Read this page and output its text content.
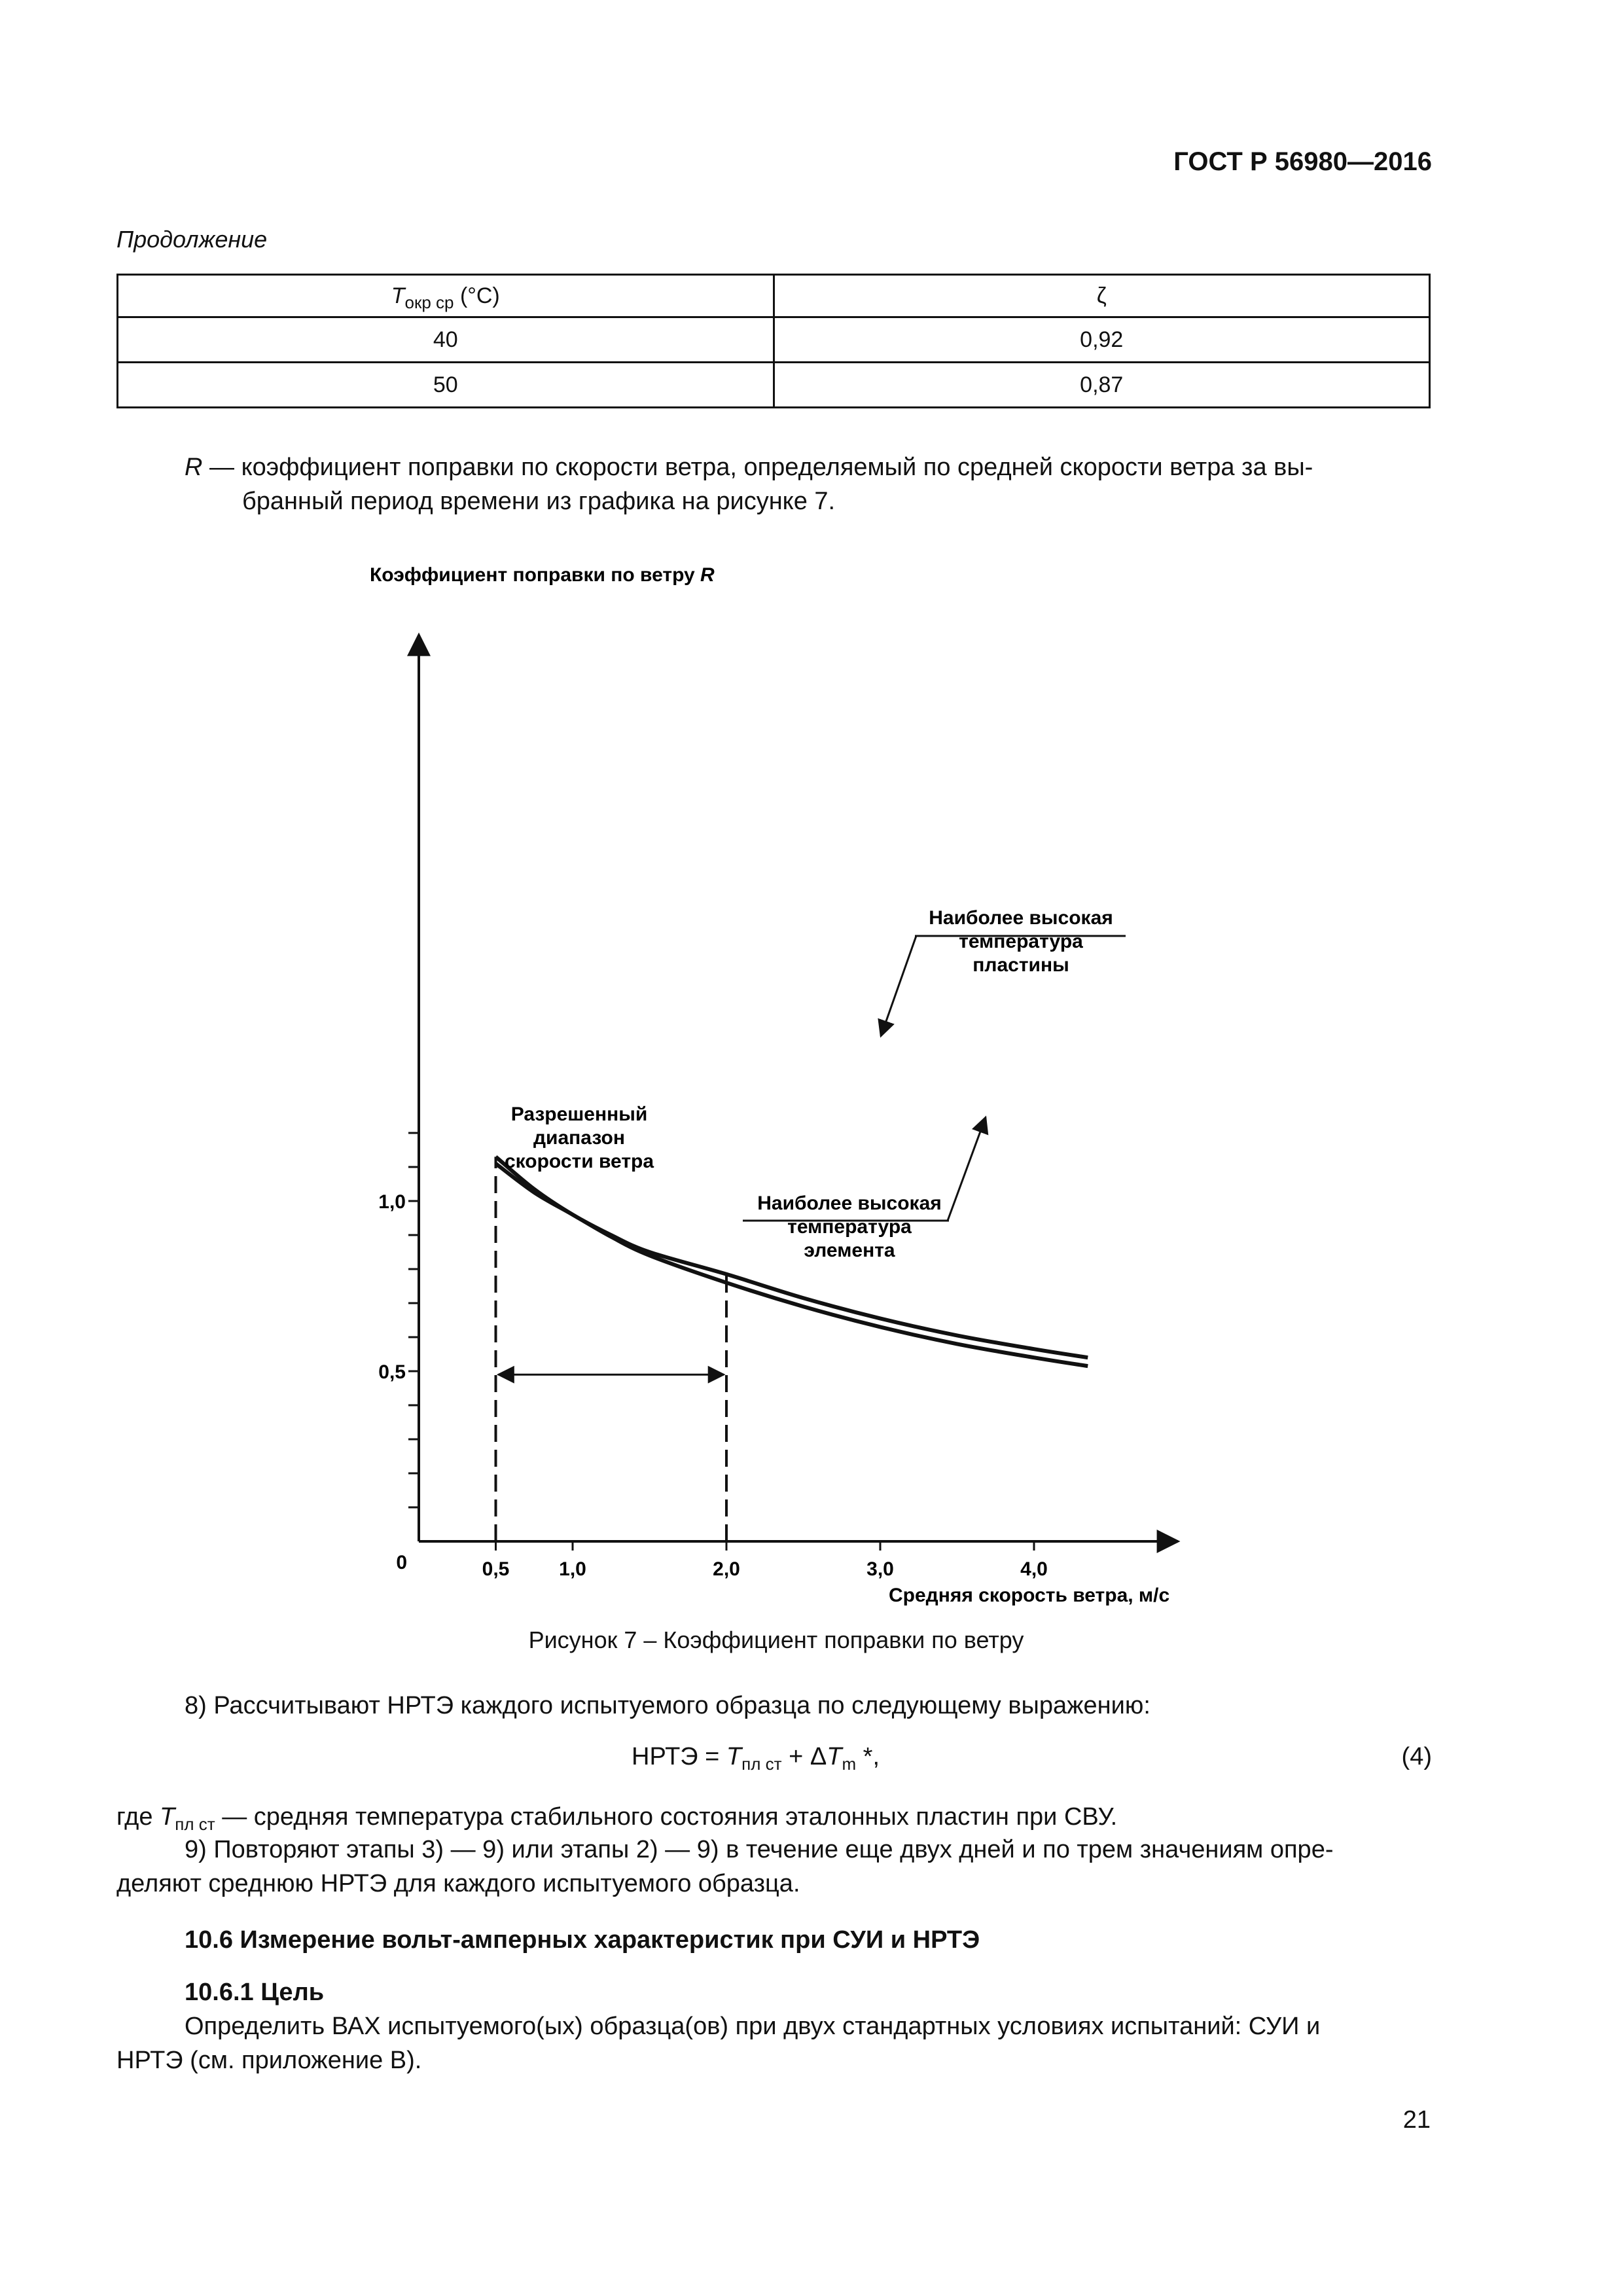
ГОСТ Р 56980—2016
Продолжение
$T_{окр ср}$ (°C)	ζ
40	0,92
50	0,87
R — коэффициент поправки по скорости ветра, определяемый по средней скорости ветра за вы-
бранный период времени из графика на рисунке 7.
Коэффициент поправки по ветру R
0
1,0
0,5
0,5	1,0	2,0	3,0	4,0
Наиболее высокая
температура
пластины
Наиболее высокая
температура
элемента
Разрешенный
диапазон
скорости ветра
Средняя скорость ветра, м/с
Рисунок 7 – Коэффициент поправки по ветру
8) Рассчитывают НРТЭ каждого испытуемого образца по следующему выражению:
НРТЭ = $T_{пл ст} + \Delta T_m$ *,	(4)
где $T_{пл ст}$ — средняя температура стабильного состояния эталонных пластин при СВУ.
9) Повторяют этапы 3) — 9) или этапы 2) — 9) в течение еще двух дней и по трем значениям опре-
деляют среднюю НРТЭ для каждого испытуемого образца.
10.6 Измерение вольт-амперных характеристик при СУИ и НРТЭ
10.6.1 Цель
Определить ВАХ испытуемого(ых) образца(ов) при двух стандартных условиях испытаний: СУИ и
НРТЭ (см. приложение В).
21
